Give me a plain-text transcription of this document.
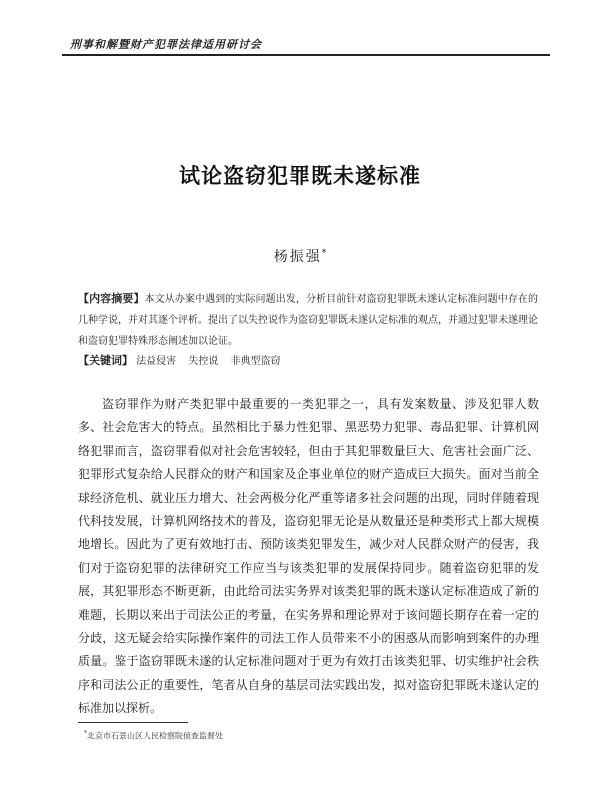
刑事和解暨财产犯罪法律适用研讨会
试论盗窃犯罪既未遂标准
杨振强*
【内容摘要】本文从办案中遇到的实际问题出发，分析目前针对盗窃犯罪既未遂认定标准问题中存在的几种学说，并对其逐个评析。提出了以失控说作为盗窃犯罪既未遂认定标准的观点，并通过犯罪未遂理论和盗窃犯罪特殊形态阐述加以论证。
【关键词】 法益侵害 失控说 非典型盗窃

盗窃罪作为财产类犯罪中最重要的一类犯罪之一，具有发案数量、涉及犯罪人数多、社会危害大的特点。虽然相比于暴力性犯罪、黑恶势力犯罪、毒品犯罪、计算机网络犯罪而言，盗窃罪看似对社会危害较轻，但由于其犯罪数量巨大、危害社会面广泛、犯罪形式复杂给人民群众的财产和国家及企事业单位的财产造成巨大损失。面对当前全球经济危机、就业压力增大、社会两极分化严重等诸多社会问题的出现，同时伴随着现代科技发展，计算机网络技术的普及，盗窃犯罪无论是从数量还是种类形式上都大规模地增长。因此为了更有效地打击、预防该类犯罪发生，减少对人民群众财产的侵害，我们对于盗窃犯罪的法律研究工作应当与该类犯罪的发展保持同步。随着盗窃犯罪的发展，其犯罪形态不断更新，由此给司法实务界对该类犯罪的既未遂认定标准造成了新的难题，长期以来出于司法公正的考量，在实务界和理论界对于该问题长期存在着一定的分歧，这无疑会给实际操作案件的司法工作人员带来不小的困惑从而影响到案件的办理质量。鉴于盗窃罪既未遂的认定标准问题对于更为有效打击该类犯罪、切实维护社会秩序和司法公正的重要性，笔者从自身的基层司法实践出发，拟对盗窃犯罪既未遂认定的标准加以探析。

*北京市石景山区人民检察院侦查监督处
